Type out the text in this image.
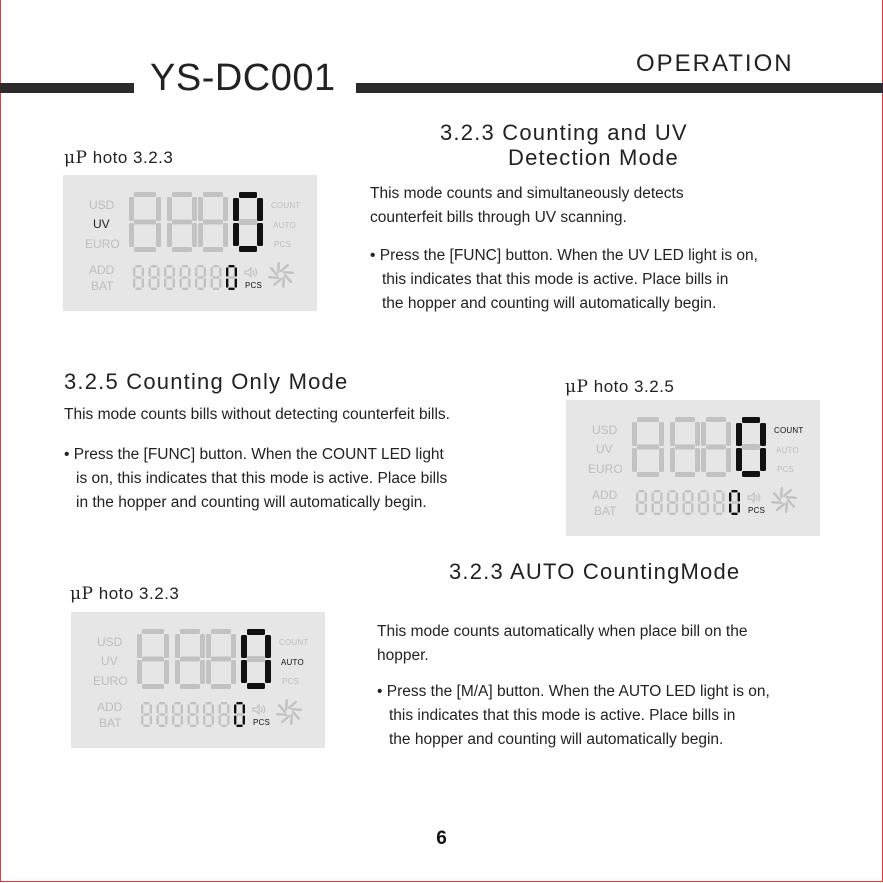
YS-DC001	OPERATION
3.2.3 Counting and UV
Detection Mode
μP hoto 3.2.3
USD
UV
EURO
ADD
BAT
COUNT
AUTO
PCS
PCS
This mode counts and simultaneously detects
counterfeit bills through UV scanning.
• Press the [FUNC] button. When the UV LED light is on,
this indicates that this mode is active. Place bills in
the hopper and counting will automatically begin.
3.2.5 Counting Only Mode	μP hoto 3.2.5
This mode counts bills without detecting counterfeit bills.
USD
UV
EURO
ADD
BAT
COUNT
AUTO
PCS
PCS
• Press the [FUNC] button. When the COUNT LED light
is on, this indicates that this mode is active. Place bills
in the hopper and counting will automatically begin.
3.2.3 AUTO CountingMode
μP hoto 3.2.3
USD
UV
EURO
ADD
BAT
COUNT
AUTO
PCS
PCS
This mode counts automatically when place bill on the
hopper.
• Press the [M/A] button. When the AUTO LED light is on,
this indicates that this mode is active. Place bills in
the hopper and counting will automatically begin.
6
